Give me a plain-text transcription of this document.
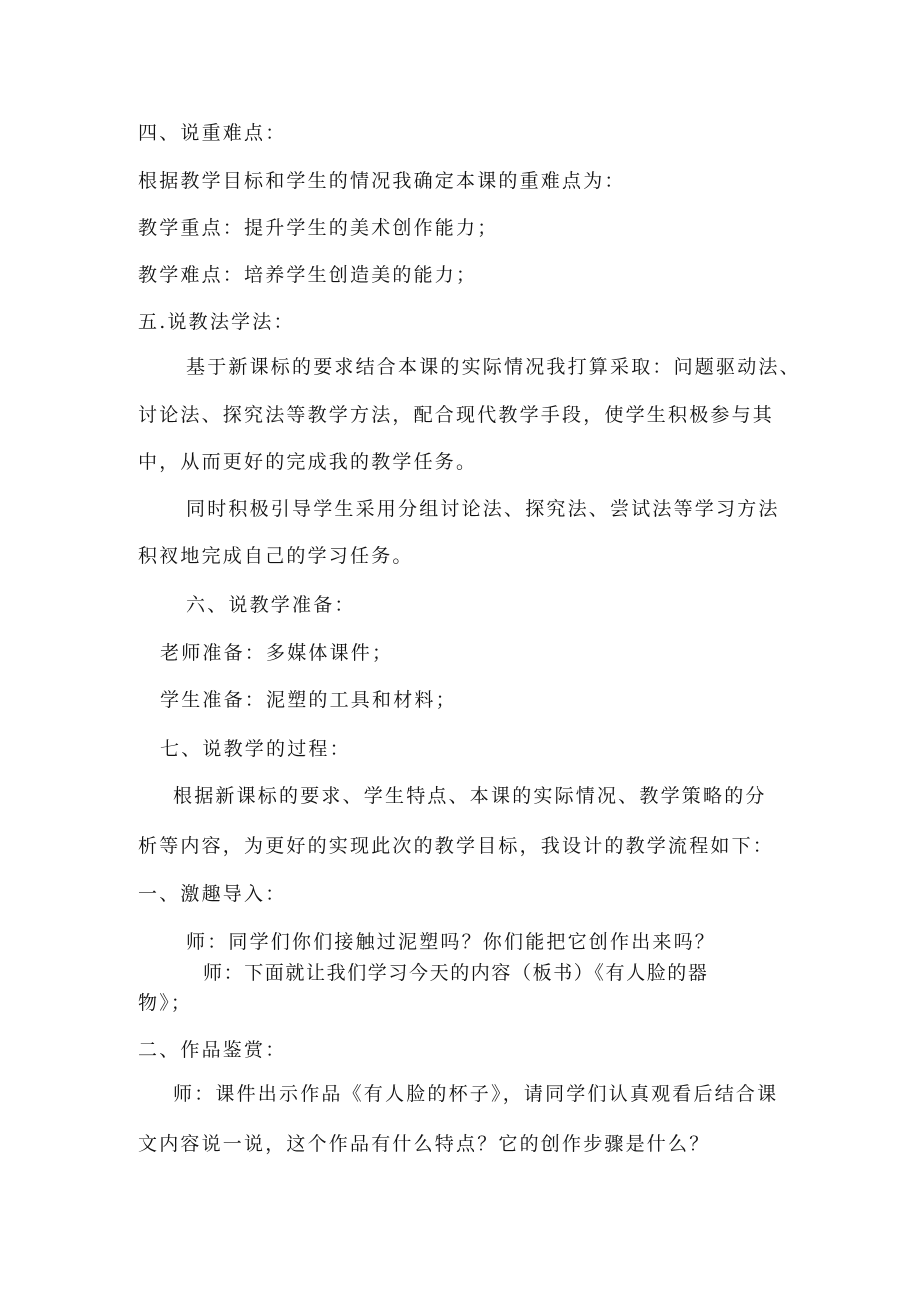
四、说重难点：
根据教学目标和学生的情况我确定本课的重难点为：
教学重点：提升学生的美术创作能力；
教学难点：培养学生创造美的能力；
五.说教法学法：
基于新课标的要求结合本课的实际情况我打算采取：问题驱动法、
讨论法、探究法等教学方法，配合现代教学手段，使学生积极参与其
中，从而更好的完成我的教学任务。
同时积极引导学生采用分组讨论法、探究法、尝试法等学习方法
积衩地完成自己的学习任务。
六、说教学准备：
老师准备：多媒体课件；
学生准备：泥塑的工具和材料；
七、说教学的过程：
根据新课标的要求、学生特点、本课的实际情况、教学策略的分
析等内容，为更好的实现此次的教学目标，我设计的教学流程如下：
一、激趣导入：
师：同学们你们接触过泥塑吗？你们能把它创作出来吗？
师：下面就让我们学习今天的内容（板书）《有人脸的器
物》；
二、作品鉴赏：
师：课件出示作品《有人脸的杯子》，请同学们认真观看后结合课
文内容说一说，这个作品有什么特点？它的创作步骤是什么？
